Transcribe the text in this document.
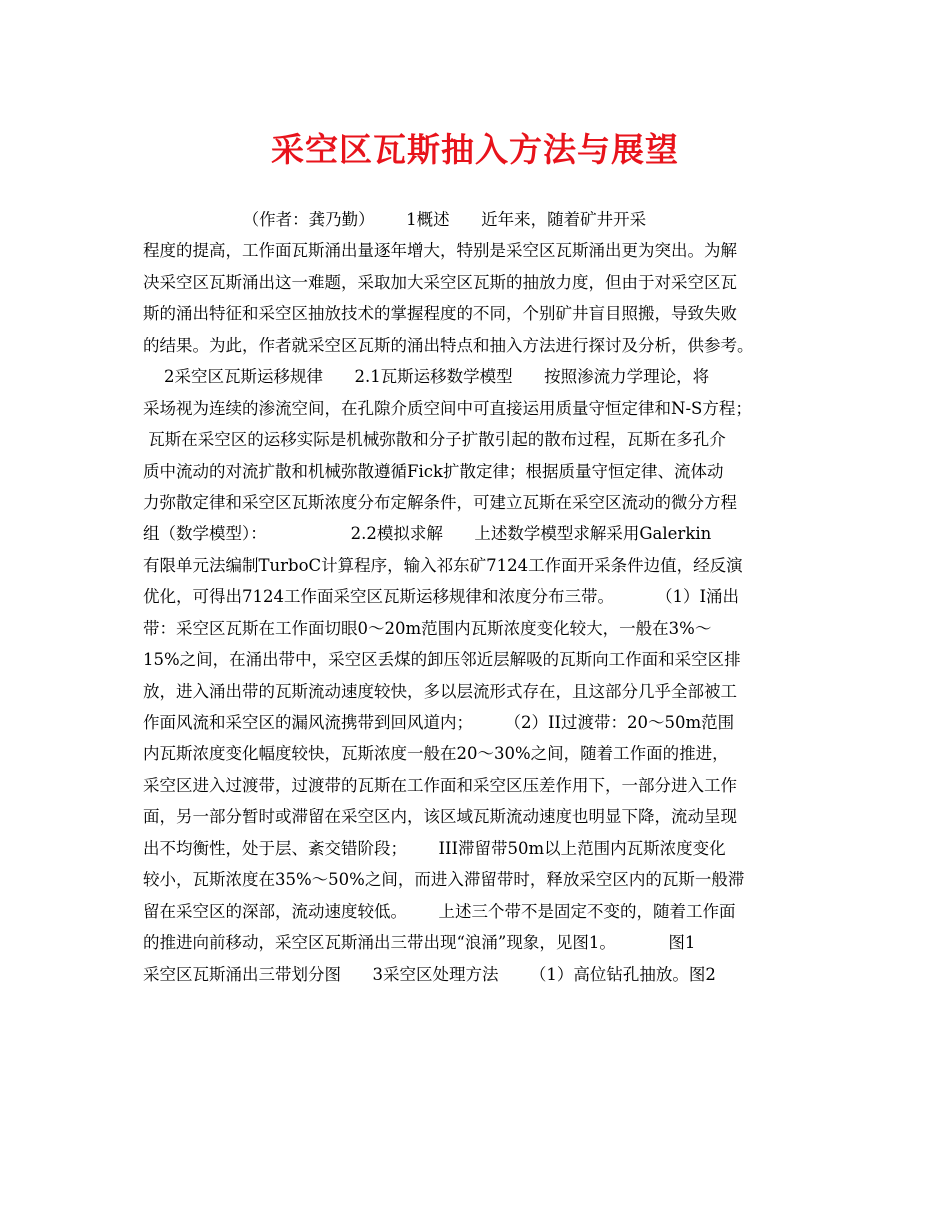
采空区瓦斯抽入方法与展望
（作者：龚乃勤）      1概述      近年来，随着矿井开采
程度的提高，工作面瓦斯涌出量逐年增大，特别是采空区瓦斯涌出更为突出。为解
决采空区瓦斯涌出这一难题，采取加大采空区瓦斯的抽放力度，但由于对采空区瓦
斯的涌出特征和采空区抽放技术的掌握程度的不同，个别矿井盲目照搬，导致失败
的结果。为此，作者就采空区瓦斯的涌出特点和抽入方法进行探讨及分析，供参考。
2采空区瓦斯运移规律      2.1瓦斯运移数学模型      按照渗流力学理论，将
采场视为连续的渗流空间，在孔隙介质空间中可直接运用质量守恒定律和N-S方程；
瓦斯在采空区的运移实际是机械弥散和分子扩散引起的散布过程，瓦斯在多孔介
质中流动的对流扩散和机械弥散遵循Fick扩散定律；根据质量守恒定律、流体动
力弥散定律和采空区瓦斯浓度分布定解条件，可建立瓦斯在采空区流动的微分方程
组（数学模型）：                2.2模拟求解      上述数学模型求解采用Galerkin
有限单元法编制TurboC计算程序，输入祁东矿7124工作面开采条件边值，经反演
优化，可得出7124工作面采空区瓦斯运移规律和浓度分布三带。        （1）I涌出
带：采空区瓦斯在工作面切眼0～20m范围内瓦斯浓度变化较大，一般在3%～
15%之间，在涌出带中，采空区丢煤的卸压邻近层解吸的瓦斯向工作面和采空区排
放，进入涌出带的瓦斯流动速度较快，多以层流形式存在，且这部分几乎全部被工
作面风流和采空区的漏风流携带到回风道内；      （2）II过渡带：20～50m范围
内瓦斯浓度变化幅度较快，瓦斯浓度一般在20～30%之间，随着工作面的推进，
采空区进入过渡带，过渡带的瓦斯在工作面和采空区压差作用下，一部分进入工作
面，另一部分暂时或滞留在采空区内，该区域瓦斯流动速度也明显下降，流动呈现
出不均衡性，处于层、紊交错阶段；      III滞留带50m以上范围内瓦斯浓度变化
较小，瓦斯浓度在35%～50%之间，而进入滞留带时，释放采空区内的瓦斯一般滞
留在采空区的深部，流动速度较低。      上述三个带不是固定不变的，随着工作面
的推进向前移动，采空区瓦斯涌出三带出现“浪涌”现象，见图1。          图1
采空区瓦斯涌出三带划分图      3采空区处理方法      （1）高位钻孔抽放。图2
